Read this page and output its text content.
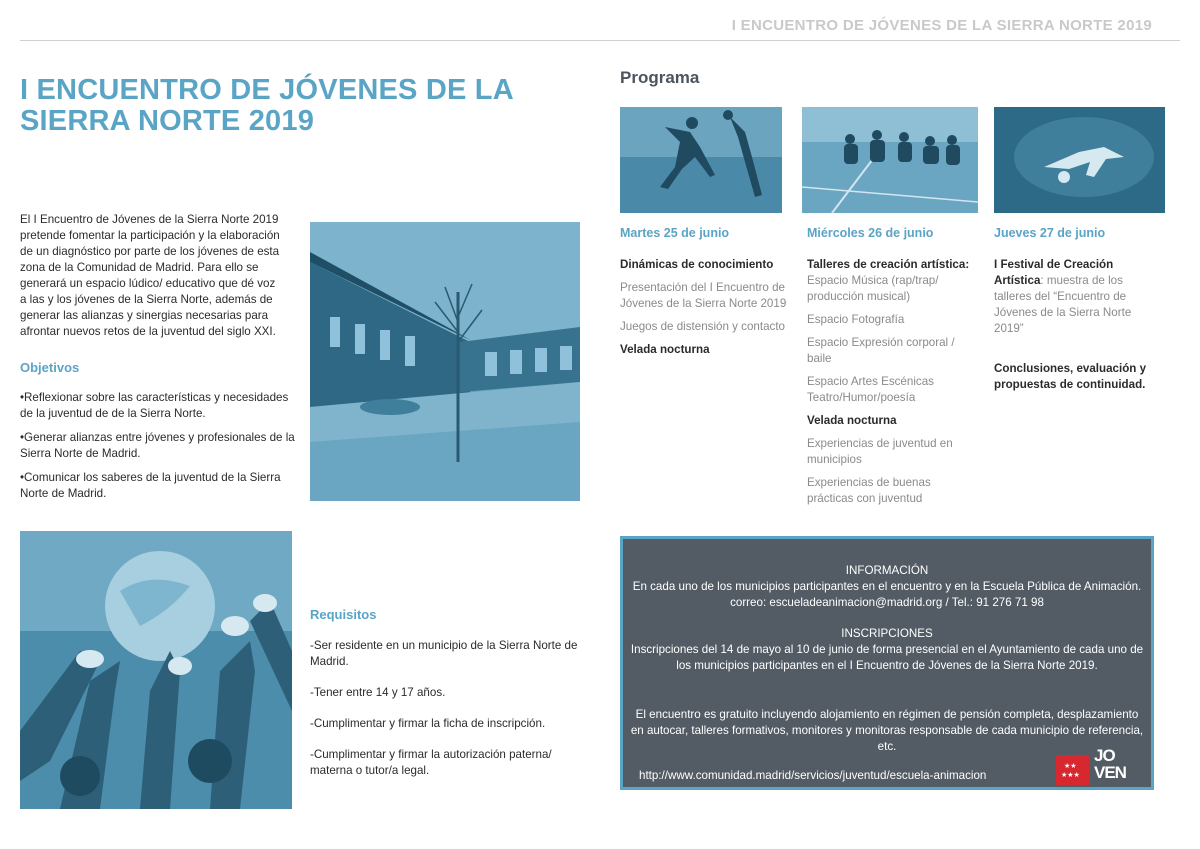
I ENCUENTRO DE JÓVENES DE LA SIERRA NORTE 2019
I ENCUENTRO DE JÓVENES DE LA
SIERRA NORTE 2019
El I Encuentro de Jóvenes de la Sierra Norte 2019 pretende fomentar la participación y la elaboración de un diagnóstico por parte de los jóvenes de esta zona de la Comunidad de Madrid. Para ello se generará un espacio lúdico/ educativo que dé voz a las y los jóvenes de la Sierra Norte, además de generar las alianzas y sinergias necesarias para afrontar nuevos retos de la juventud del siglo XXI.
Objetivos

•Reflexionar sobre las características y necesidades de la juventud de de la Sierra Norte.

•Generar alianzas entre jóvenes y profesionales de la Sierra Norte de Madrid.

•Comunicar los saberes de la juventud de la Sierra Norte de Madrid.

Requisitos

-Ser residente en un municipio de la Sierra Norte de Madrid.

-Tener entre 14 y 17 años.

-Cumplimentar y firmar la ficha de inscripción.

-Cumplimentar y firmar la autorización paterna/ materna o tutor/a legal.

Programa
Martes 25 de junio	Miércoles 26 de junio	Jueves 27 de junio

Dinámicas de conocimiento

Presentación del I Encuentro de Jóvenes de la Sierra Norte 2019

Juegos de distensión y contacto

Velada nocturna

Talleres de creación artística:

Espacio Música (rap/trap/ producción musical)

Espacio Fotografía

Espacio Expresión corporal / baile

Espacio Artes Escénicas Teatro/Humor/poesía

Velada nocturna

Experiencias de juventud en municipios

Experiencias de buenas prácticas con juventud

I Festival de Creación Artística: muestra de los talleres del “Encuentro de Jóvenes de la Sierra Norte 2019”

Conclusiones, evaluación y propuestas de continuidad.

INFORMACIÓN
En cada uno de los municipios participantes en el encuentro y en la Escuela Pública de Animación. correo: escueladeanimacion@madrid.org / Tel.: 91 276 71 98
INSCRIPCIONES
Inscripciones del 14 de mayo al 10 de junio de forma presencial en el Ayuntamiento de cada uno de los municipios participantes en el I Encuentro de Jóvenes de la Sierra Norte 2019.
El encuentro es gratuito incluyendo alojamiento en régimen de pensión completa, desplazamiento en autocar, talleres formativos, monitores y monitoras responsable de cada municipio de referencia, etc.
http://www.comunidad.madrid/servicios/juventud/escuela-animacion
★★
★★★
JO
VEN
